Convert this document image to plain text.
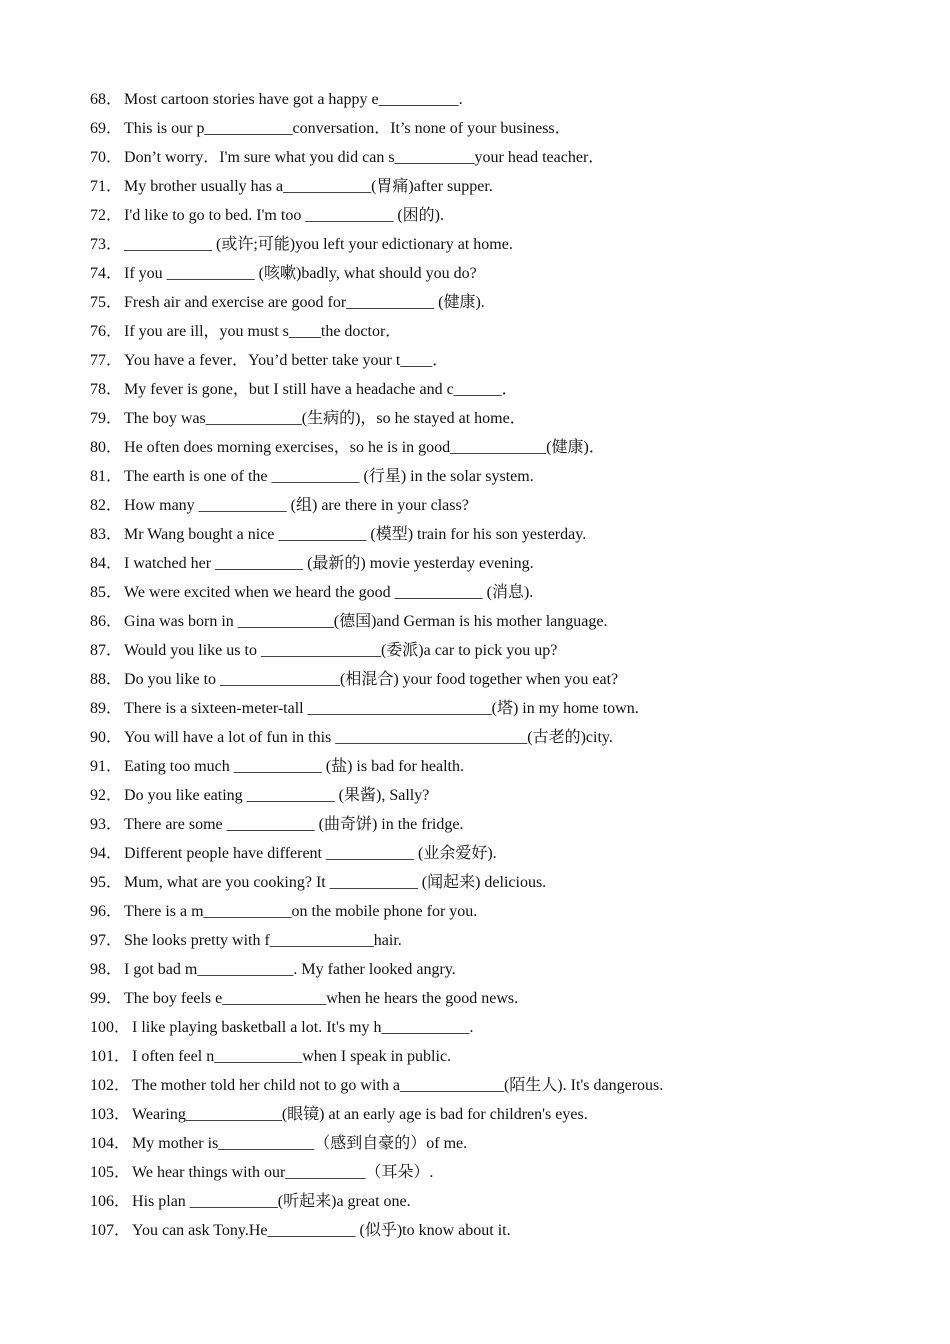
68． Most cartoon stories have got a happy e__________.
69． This is our p___________conversation．It’s none of your business．
70． Don’t worry．I'm sure what you did can s__________your head teacher．
71． My brother usually has a___________(胃痛)after supper.
72． I'd like to go to bed. I'm too ___________ (困的).
73． ___________ (或许;可能)you left your edictionary at home.
74． If you ___________ (咳嗽)badly, what should you do?
75． Fresh air and exercise are good for___________ (健康).
76． If you are ill，you must s____the doctor．
77． You have a fever．You’d better take your t____．
78． My fever is gone，but I still have a headache and c______．
79． The boy was____________(生病的)，so he stayed at home．
80． He often does morning exercises，so he is in good____________(健康)．
81． The earth is one of the ___________ (行星) in the solar system.
82． How many ___________ (组) are there in your class?
83． Mr Wang bought a nice ___________ (模型) train for his son yesterday.
84． I watched her ___________ (最新的) movie yesterday evening.
85． We were excited when we heard the good ___________ (消息).
86． Gina was born in ____________(德国)and German is his mother language.
87． Would you like us to _______________(委派)a car to pick you up?
88． Do you like to _______________(相混合) your food together when you eat?
89． There is a sixteen-meter-tall _______________________(塔) in my home town.
90． You will have a lot of fun in this ________________________(古老的)city.
91． Eating too much ___________ (盐) is bad for health.
92． Do you like eating ___________ (果酱), Sally?
93． There are some ___________ (曲奇饼) in the fridge.
94． Different people have different ___________ (业余爱好).
95． Mum, what are you cooking? It ___________ (闻起来) delicious.
96． There is a m___________on the mobile phone for you.
97． She looks pretty with f_____________hair.
98． I got bad m____________. My father looked angry.
99． The boy feels e_____________when he hears the good news.
100． I like playing basketball a lot. It's my h___________.
101． I often feel n___________when I speak in public.
102． The mother told her child not to go with a_____________(陌生人). It's dangerous.
103． Wearing____________(眼镜) at an early age is bad for children's eyes.
104． My mother is____________（感到自豪的）of me.
105． We hear things with our__________（耳朵）.
106． His plan ___________(听起来)a great one.
107． You can ask Tony.He___________ (似乎)to know about it.
